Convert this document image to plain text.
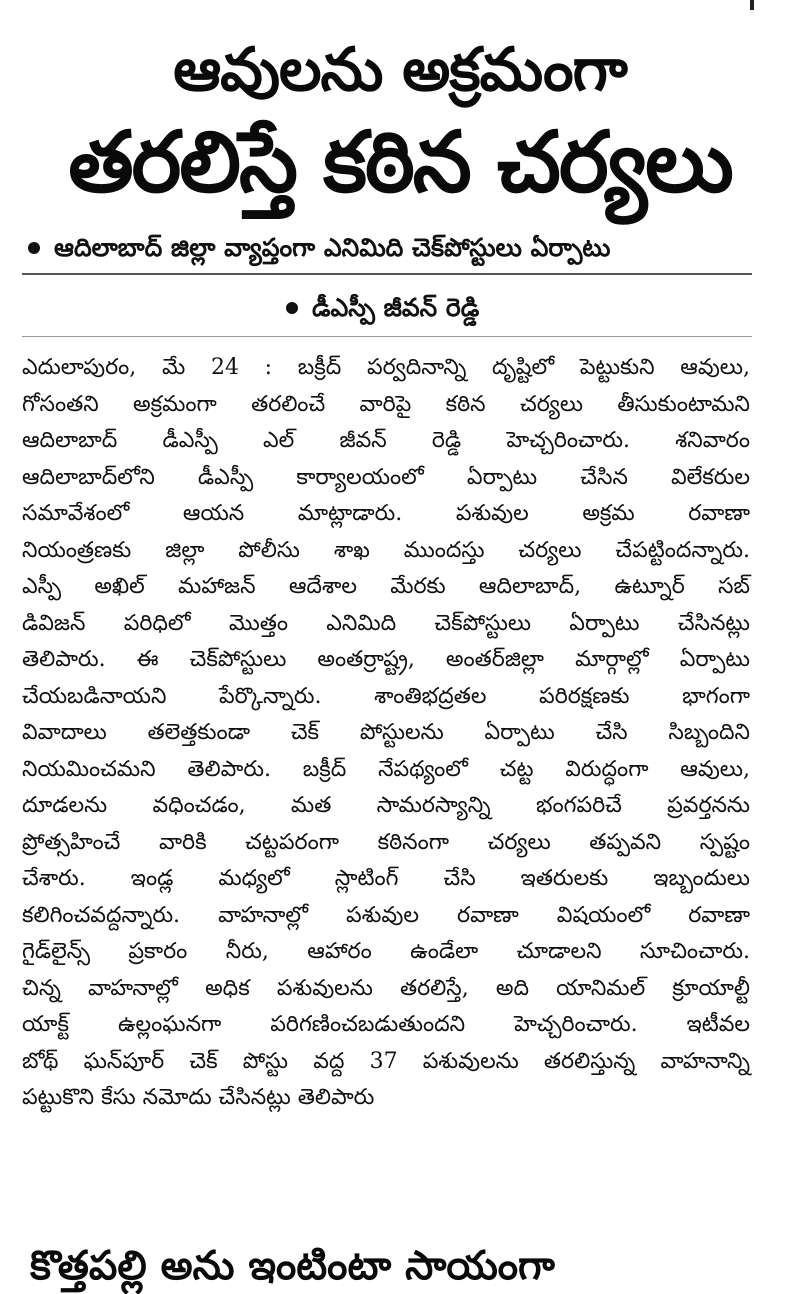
ఆవులను అక్రమంగా
తరలిస్తే కఠిన చర్యలు
ఆదిలాబాద్ జిల్లా వ్యాప్తంగా ఎనిమిది చెక్‌పోస్టులు ఏర్పాటు
డీఎస్పీ జీవన్ రెడ్డి
ఎదులాపురం, మే 24 : బక్రీద్ పర్వదినాన్ని దృష్టిలో పెట్టుకుని ఆవులు,
గోసంతని అక్రమంగా తరలించే వారిపై కఠిన చర్యలు తీసుకుంటామని
ఆదిలాబాద్ డీఎస్పీ ఎల్ జీవన్ రెడ్డి హెచ్చరించారు. శనివారం
ఆదిలాబాద్‌లోని డీఎస్పీ కార్యాలయంలో ఏర్పాటు చేసిన విలేకరుల
సమావేశంలో ఆయన మాట్లాడారు. పశువుల అక్రమ రవాణా
నియంత్రణకు జిల్లా పోలీసు శాఖ ముందస్తు చర్యలు చేపట్టిందన్నారు.
ఎస్పీ అఖిల్ మహాజన్ ఆదేశాల మేరకు ఆదిలాబాద్, ఉట్నూర్ సబ్
డివిజన్ పరిధిలో మొత్తం ఎనిమిది చెక్‌పోస్టులు ఏర్పాటు చేసినట్లు
తెలిపారు. ఈ చెక్‌పోస్టులు అంతర్రాష్ట్ర, అంతర్‌జిల్లా మార్గాల్లో ఏర్పాటు
చేయబడినాయని పేర్కొన్నారు. శాంతిభద్రతల పరిరక్షణకు భాగంగా
వివాదాలు తలెత్తకుండా చెక్ పోస్టులను ఏర్పాటు చేసి సిబ్బందిని
నియమించమని తెలిపారు. బక్రీద్ నేపథ్యంలో చట్ట విరుద్ధంగా ఆవులు,
దూడలను వధించడం, మత సామరస్యాన్ని భంగపరిచే ప్రవర్తనను
ప్రోత్సహించే వారికి చట్టపరంగా కఠినంగా చర్యలు తప్పవని స్పష్టం
చేశారు. ఇండ్ల మధ్యలో స్లాటింగ్ చేసి ఇతరులకు ఇబ్బందులు
కలిగించవద్దన్నారు. వాహనాల్లో పశువుల రవాణా విషయంలో రవాణా
గైడ్‌లైన్స్ ప్రకారం నీరు, ఆహారం ఉండేలా చూడాలని సూచించారు.
చిన్న వాహనాల్లో అధిక పశువులను తరలిస్తే, అది యానిమల్ క్రూయాల్టీ
యాక్ట్ ఉల్లంఘనగా పరిగణించబడుతుందని హెచ్చరించారు. ఇటీవల
బోథ్ ఘన్‌పూర్ చెక్ పోస్టు వద్ద 37 పశువులను తరలిస్తున్న వాహనాన్ని
పట్టుకొని కేసు నమోదు చేసినట్లు తెలిపారు
కొత్తపల్లి అను ఇంటింటా సాయంగా
